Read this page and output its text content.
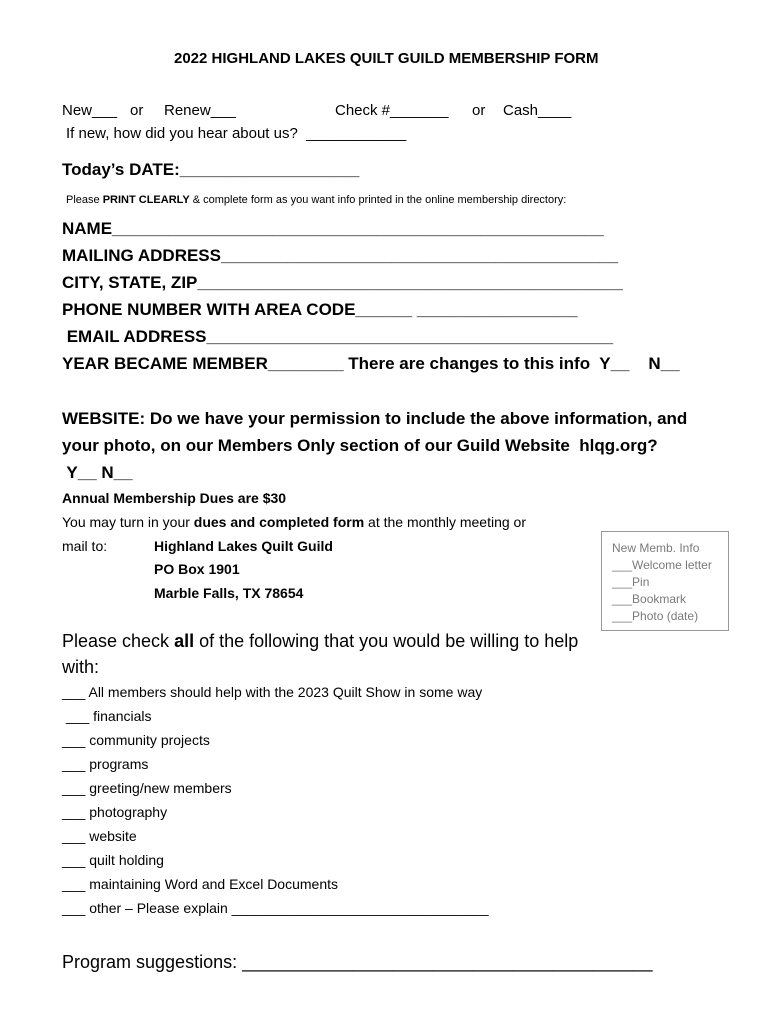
2022 HIGHLAND LAKES QUILT GUILD MEMBERSHIP FORM
New___ or Renew___	Check #_______ or Cash____
If new, how did you hear about us?  ____________
Today’s DATE:___________________
Please PRINT CLEARLY & complete form as you want info printed in the online membership directory:
NAME____________________________________________________
MAILING ADDRESS__________________________________________
CITY, STATE, ZIP_____________________________________________
PHONE NUMBER WITH AREA CODE______ _________________
EMAIL ADDRESS___________________________________________
YEAR BECAME MEMBER________ There are changes to this info  Y__    N__
WEBSITE: Do we have your permission to include the above information, and
your photo, on our Members Only section of our Guild Website  hlqg.org?
Y__ N__
Annual Membership Dues are $30
You may turn in your dues and completed form at the monthly meeting or
mail to:	Highland Lakes Quilt Guild
PO Box 1901
Marble Falls, TX 78654
New Memb. Info
___Welcome letter
___Pin
___Bookmark
___Photo (date)
Please check all of the following that you would be willing to help
with:
___ All members should help with the 2023 Quilt Show in some way
___ financials
___ community projects
___ programs
___ greeting/new members
___ photography
___ website
___ quilt holding
___ maintaining Word and Excel Documents
___ other – Please explain _________________________________
Program suggestions: _________________________________________
